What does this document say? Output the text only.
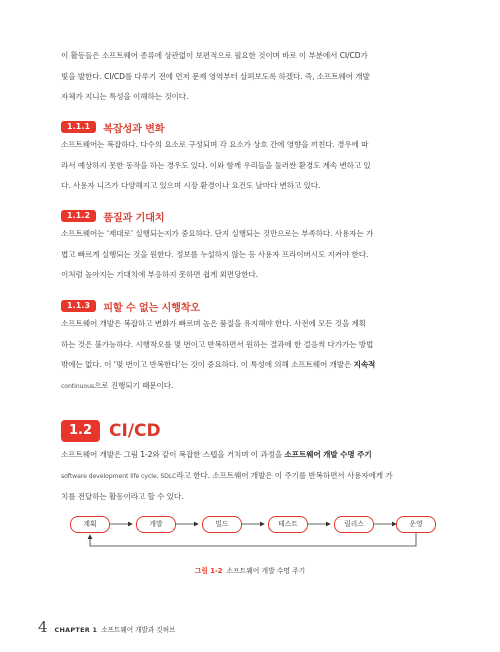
이 활동들은 소프트웨어 종류에 상관없이 보편적으로 필요한 것이며 바로 이 부분에서 CI/CD가
빛을 발한다. CI/CD를 다루기 전에 먼저 문제 영역부터 살펴보도록 하겠다. 즉, 소프트웨어 개발
자체가 지니는 특성을 이해하는 것이다.
1.1.1	복잡성과 변화
소프트웨어는 복잡하다. 다수의 요소로 구성되며 각 요소가 상호 간에 영향을 끼친다. 경우에 따
라서 예상하지 못한 동작을 하는 경우도 있다. 이와 함께 우리들을 둘러싼 환경도 계속 변하고 있
다. 사용자 니즈가 다양해지고 있으며 시장 환경이나 요건도 날마다 변하고 있다.
1.1.2	품질과 기대치
소프트웨어는 ‘제대로’ 실행되는지가 중요하다. 단지 실행되는 것만으로는 부족하다. 사용자는 가
볍고 빠르게 실행되는 것을 원한다. 정보를 누설하지 않는 등 사용자 프라이버시도 지켜야 한다.
이처럼 높아지는 기대치에 부응하지 못하면 쉽게 외면당한다.
1.1.3	피할 수 없는 시행착오
소프트웨어 개발은 복잡하고 변화가 빠르며 높은 품질을 유지해야 한다. 사전에 모든 것을 계획
하는 것은 불가능하다. 시행착오를 몇 번이고 반복하면서 원하는 결과에 한 걸음씩 다가가는 방법
밖에는 없다. 이 ‘몇 번이고 반복한다’는 것이 중요하다. 이 특성에 의해 소프트웨어 개발은 지속적
continuous으로 진행되기 때문이다.
1.2	CI/CD
소프트웨어 개발은 그림 1-2와 같이 복잡한 스텝을 거치며 이 과정을 소프트웨어 개발 수명 주기
software development life cycle, SDLC라고 한다. 소프트웨어 개발은 이 주기를 반복하면서 사용자에게 가
치를 전달하는 활동이라고 할 수 있다.
계획	개발	빌드	테스트	릴리스	운영
그림 1-2 소프트웨어 개발 수명 주기
4 CHAPTER 1 소프트웨어 개발과 깃허브
